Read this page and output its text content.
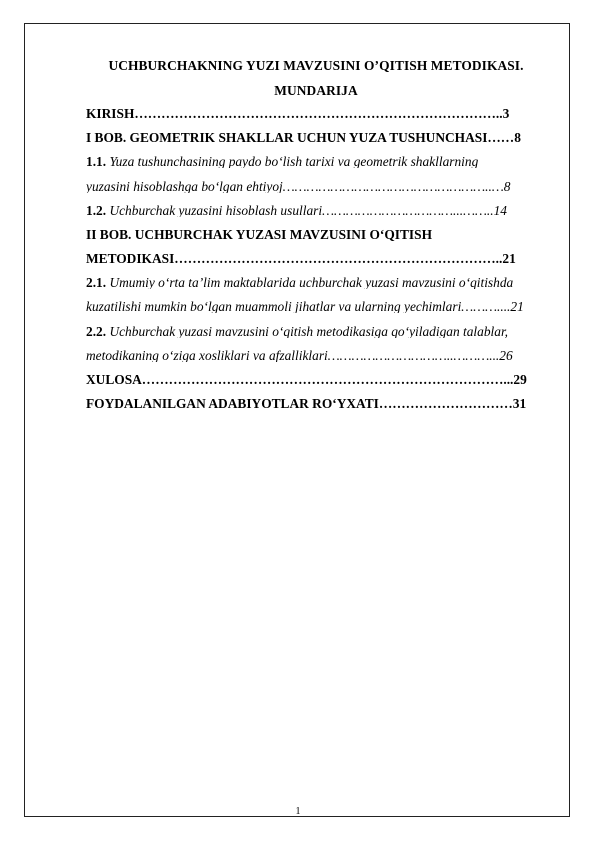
UCHBURCHAKNING YUZI MAVZUSINI O’QITISH METODIKASI.
MUNDARIJA
KIRISH………………………………………………………………………..3
I BOB. GEOMETRIK SHAKLLAR UCHUN YUZA TUSHUNCHASI……8
1.1. Yuza tushunchasining paydo bo‘lish tarixi va geometrik shakllarning
yuzasini hisoblashga bo‘lgan ehtiyoj……………………………………………..…8
1.2. Uchburchak yuzasini hisoblash usullari……………………………...……..14
II BOB. UCHBURCHAK YUZASI MAVZUSINI O‘QITISH
METODIKASI………………………………………………………………..21
2.1. Umumiy o‘rta ta’lim maktablarida uchburchak yuzasi mavzusini o‘qitishda
kuzatilishi mumkin bo‘lgan muammoli jihatlar va ularning yechimlari………....21
2.2. Uchburchak yuzasi mavzusini o‘qitish metodikasiga qo‘yiladigan talablar,
metodikaning o‘ziga xosliklari va afzalliklari…………………………..………...26
XULOSA………………………………………………………………………...29
FOYDALANILGAN ADABIYOTLAR RO‘YXATI…………………………31
1
